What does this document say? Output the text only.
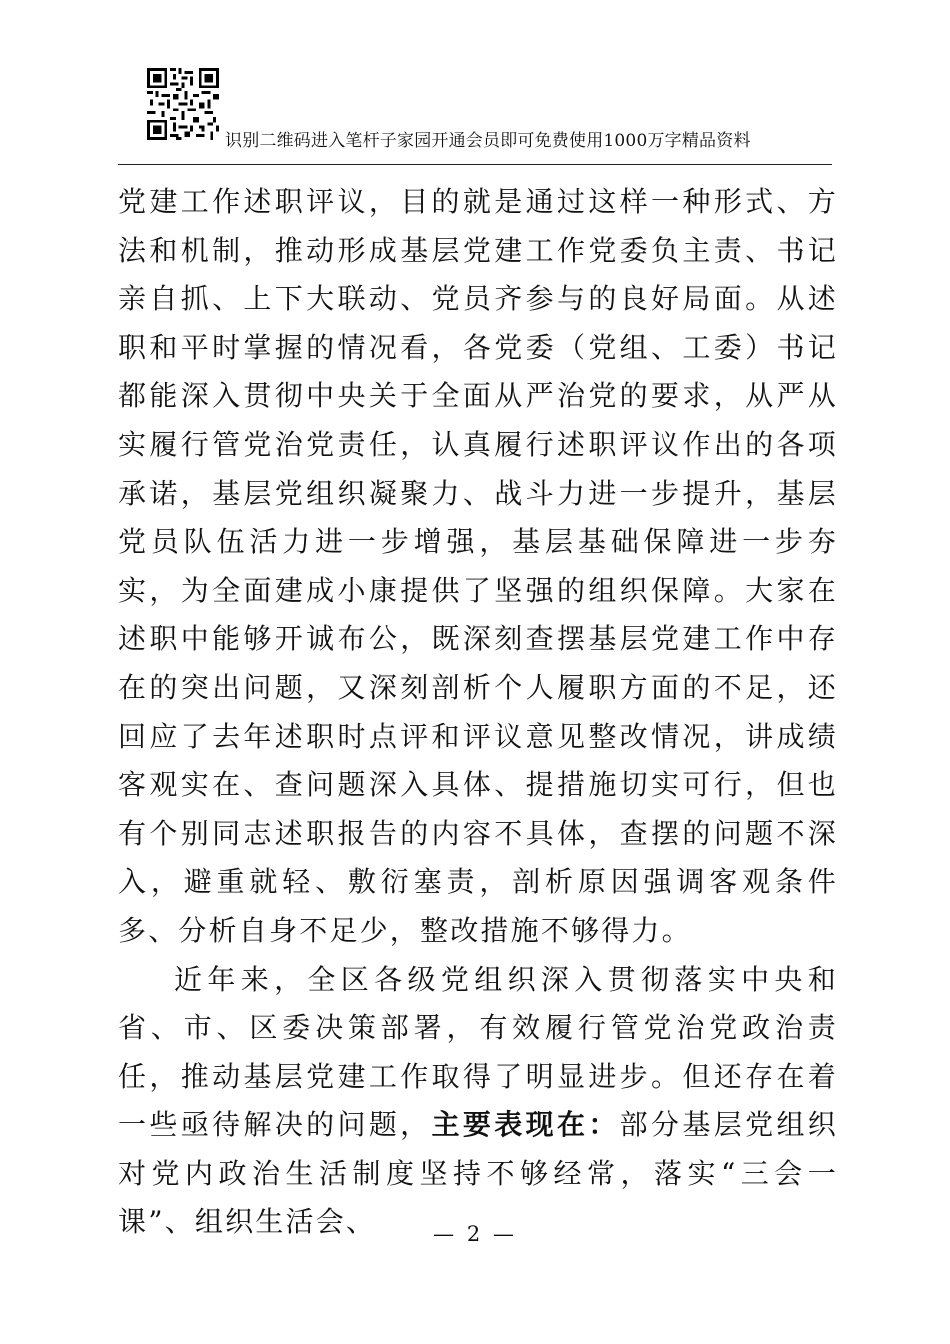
识别二维码进入笔杆子家园开通会员即可免费使用1000万字精品资料

党建工作述职评议，目的就是通过这样一种形式、方法和机制，推动形成基层党建工作党委负主责、书记亲自抓、上下大联动、党员齐参与的良好局面。从述职和平时掌握的情况看，各党委（党组、工委）书记都能深入贯彻中央关于全面从严治党的要求，从严从实履行管党治党责任，认真履行述职评议作出的各项承诺，基层党组织凝聚力、战斗力进一步提升，基层党员队伍活力进一步增强，基层基础保障进一步夯实，为全面建成小康提供了坚强的组织保障。大家在述职中能够开诚布公，既深刻查摆基层党建工作中存在的突出问题，又深刻剖析个人履职方面的不足，还回应了去年述职时点评和评议意见整改情况，讲成绩客观实在、查问题深入具体、提措施切实可行，但也有个别同志述职报告的内容不具体，查摆的问题不深入，避重就轻、敷衍塞责，剖析原因强调客观条件多、分析自身不足少，整改措施不够得力。

近年来，全区各级党组织深入贯彻落实中央和省、市、区委决策部署，有效履行管党治党政治责任，推动基层党建工作取得了明显进步。但还存在着一些亟待解决的问题，主要表现在：部分基层党组织对党内政治生活制度坚持不够经常，落实“三会一课”、组织生活会、	— 2 —
